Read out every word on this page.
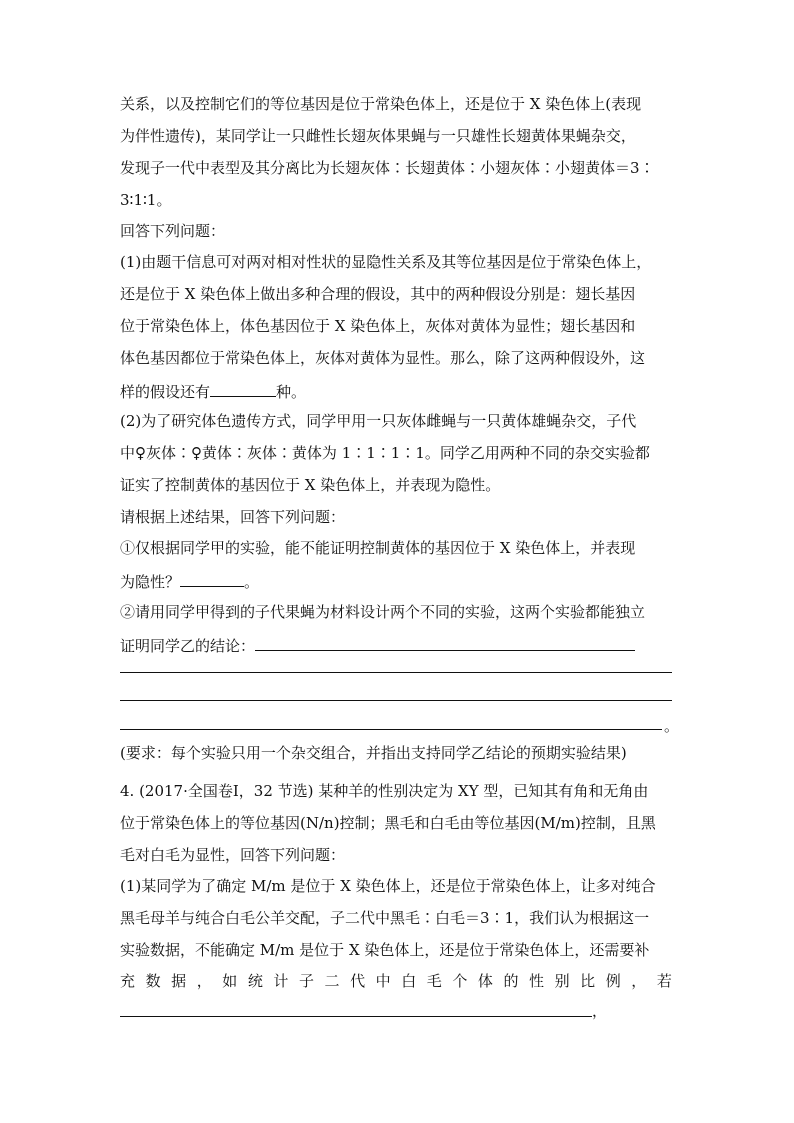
关系，以及控制它们的等位基因是位于常染色体上，还是位于 X 染色体上(表现
为伴性遗传)，某同学让一只雌性长翅灰体果蝇与一只雄性长翅黄体果蝇杂交，
发现子一代中表型及其分离比为长翅灰体∶长翅黄体∶小翅灰体∶小翅黄体＝3∶
3∶1∶1。
回答下列问题：
(1)由题干信息可对两对相对性状的显隐性关系及其等位基因是位于常染色体上，
还是位于 X 染色体上做出多种合理的假设，其中的两种假设分别是：翅长基因
位于常染色体上，体色基因位于 X 染色体上，灰体对黄体为显性；翅长基因和
体色基因都位于常染色体上，灰体对黄体为显性。那么，除了这两种假设外，这
样的假设还有	种。
(2)为了研究体色遗传方式，同学甲用一只灰体雌蝇与一只黄体雄蝇杂交，子代
中♀灰体∶♀黄体∶灰体∶黄体为 1∶1∶1∶1。同学乙用两种不同的杂交实验都
证实了控制黄体的基因位于 X 染色体上，并表现为隐性。
请根据上述结果，回答下列问题：
①仅根据同学甲的实验，能不能证明控制黄体的基因位于 X 染色体上，并表现
为隐性？	。
②请用同学甲得到的子代果蝇为材料设计两个不同的实验，这两个实验都能独立
证明同学乙的结论：
。
(要求：每个实验只用一个杂交组合，并指出支持同学乙结论的预期实验结果)
4. (2017·全国卷Ⅰ，32 节选) 某种羊的性别决定为 XY 型，已知其有角和无角由
位于常染色体上的等位基因(N/n)控制；黑毛和白毛由等位基因(M/m)控制，且黑
毛对白毛为显性，回答下列问题：
(1)某同学为了确定 M/m 是位于 X 染色体上，还是位于常染色体上，让多对纯合
黑毛母羊与纯合白毛公羊交配，子二代中黑毛∶白毛＝3∶1，我们认为根据这一
实验数据，不能确定 M/m 是位于 X 染色体上，还是位于常染色体上，还需要补
充 数 据 ， 如 统 计 子 二 代 中 白 毛 个 体 的 性 别 比 例 ， 若
，
